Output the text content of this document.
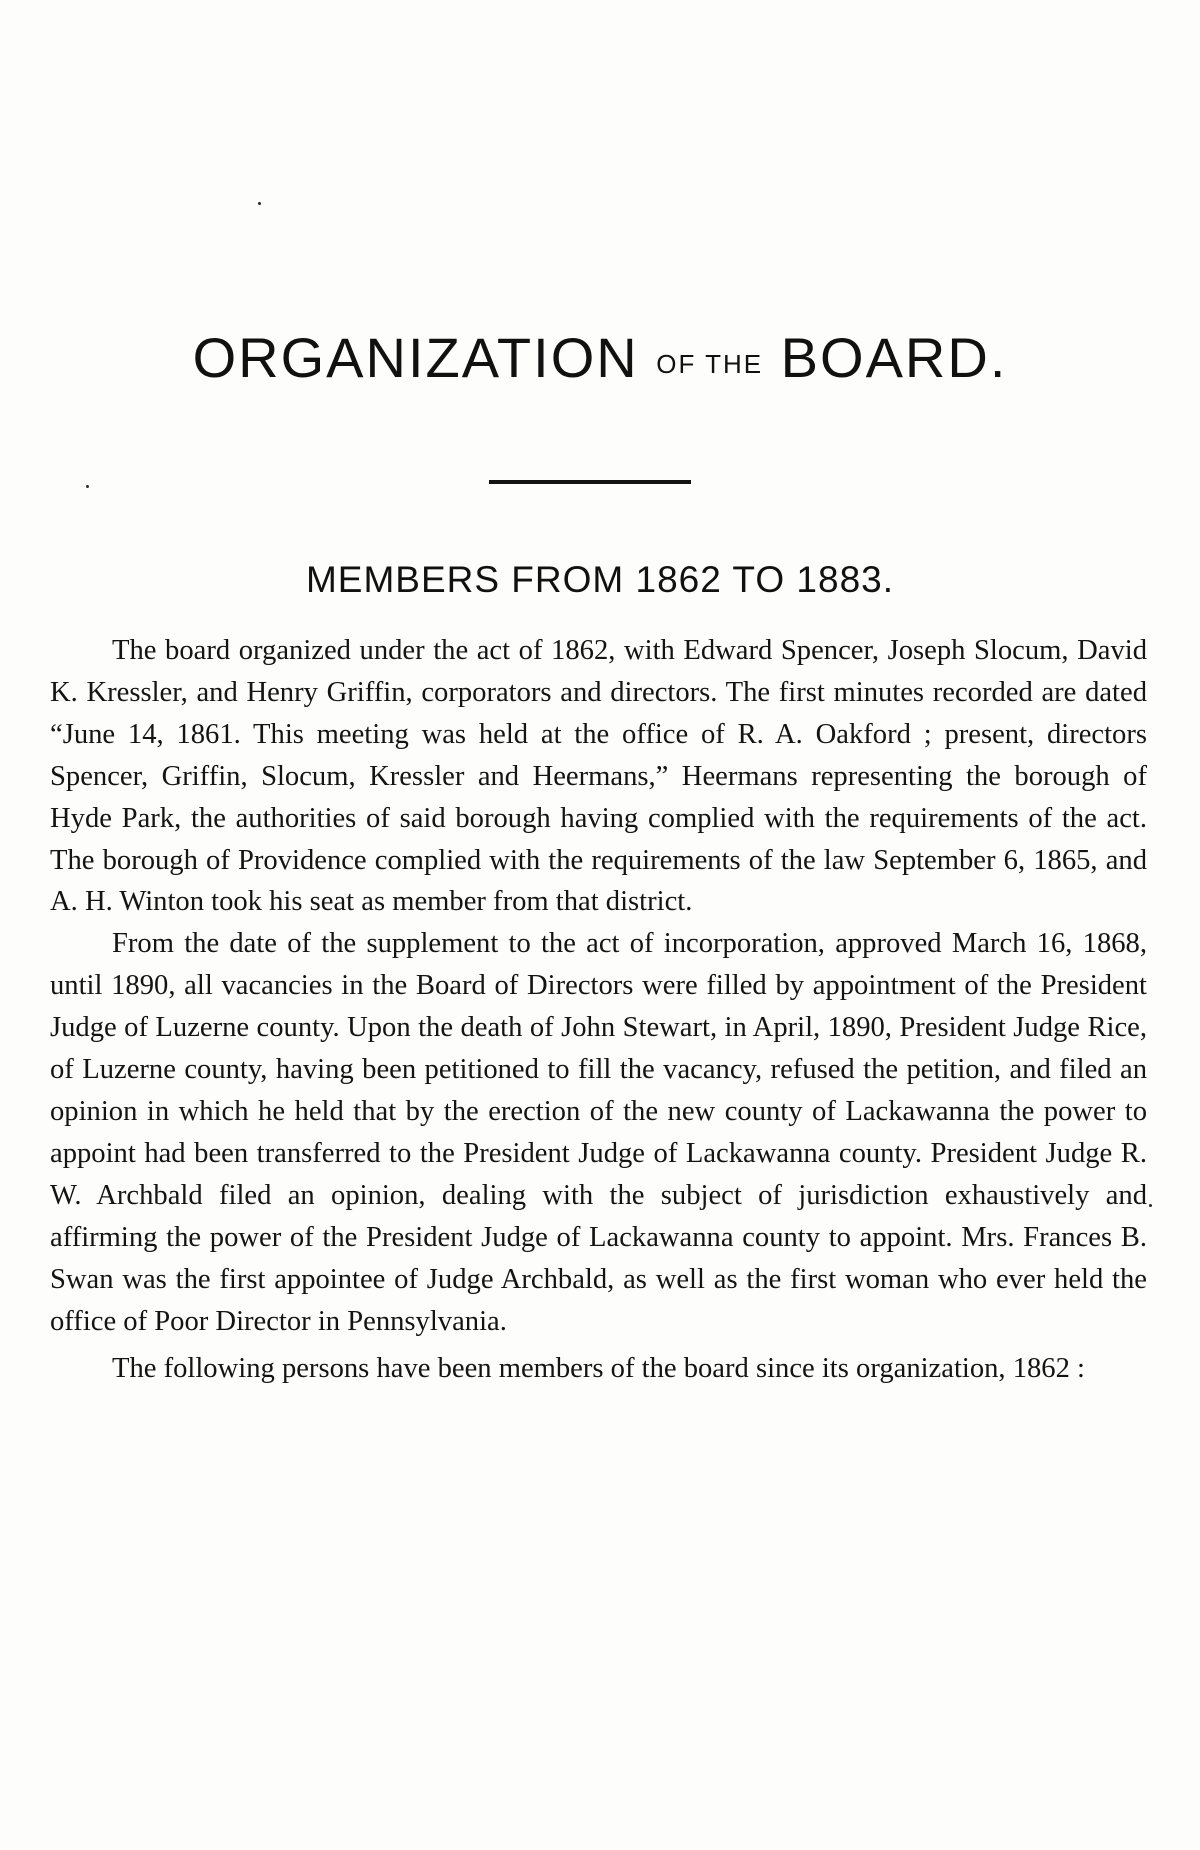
ORGANIZATION OF THE BOARD.
MEMBERS FROM 1862 TO 1883.

The board organized under the act of 1862, with Edward Spencer, Joseph Slocum, David K. Kressler, and Henry Griffin, corporators and directors. The first minutes recorded are dated “June 14, 1861. This meeting was held at the office of R. A. Oakford ; present, directors Spencer, Griffin, Slocum, Kressler and Heermans,” Heermans representing the borough of Hyde Park, the authorities of said borough having complied with the requirements of the act. The borough of Providence complied with the requirements of the law September 6, 1865, and A. H. Winton took his seat as member from that district.

From the date of the supplement to the act of incorporation, approved March 16, 1868, until 1890, all vacancies in the Board of Directors were filled by appointment of the President Judge of Luzerne county. Upon the death of John Stewart, in April, 1890, President Judge Rice, of Luzerne county, having been petitioned to fill the vacancy, refused the petition, and filed an opinion in which he held that by the erection of the new county of Lackawanna the power to appoint had been transferred to the President Judge of Lackawanna county. President Judge R. W. Archbald filed an opinion, dealing with the subject of jurisdiction exhaustively and affirming the power of the President Judge of Lackawanna county to appoint. Mrs. Frances B. Swan was the first appointee of Judge Archbald, as well as the first woman who ever held the office of Poor Director in Pennsylvania.

The following persons have been members of the board since its organization, 1862 :
